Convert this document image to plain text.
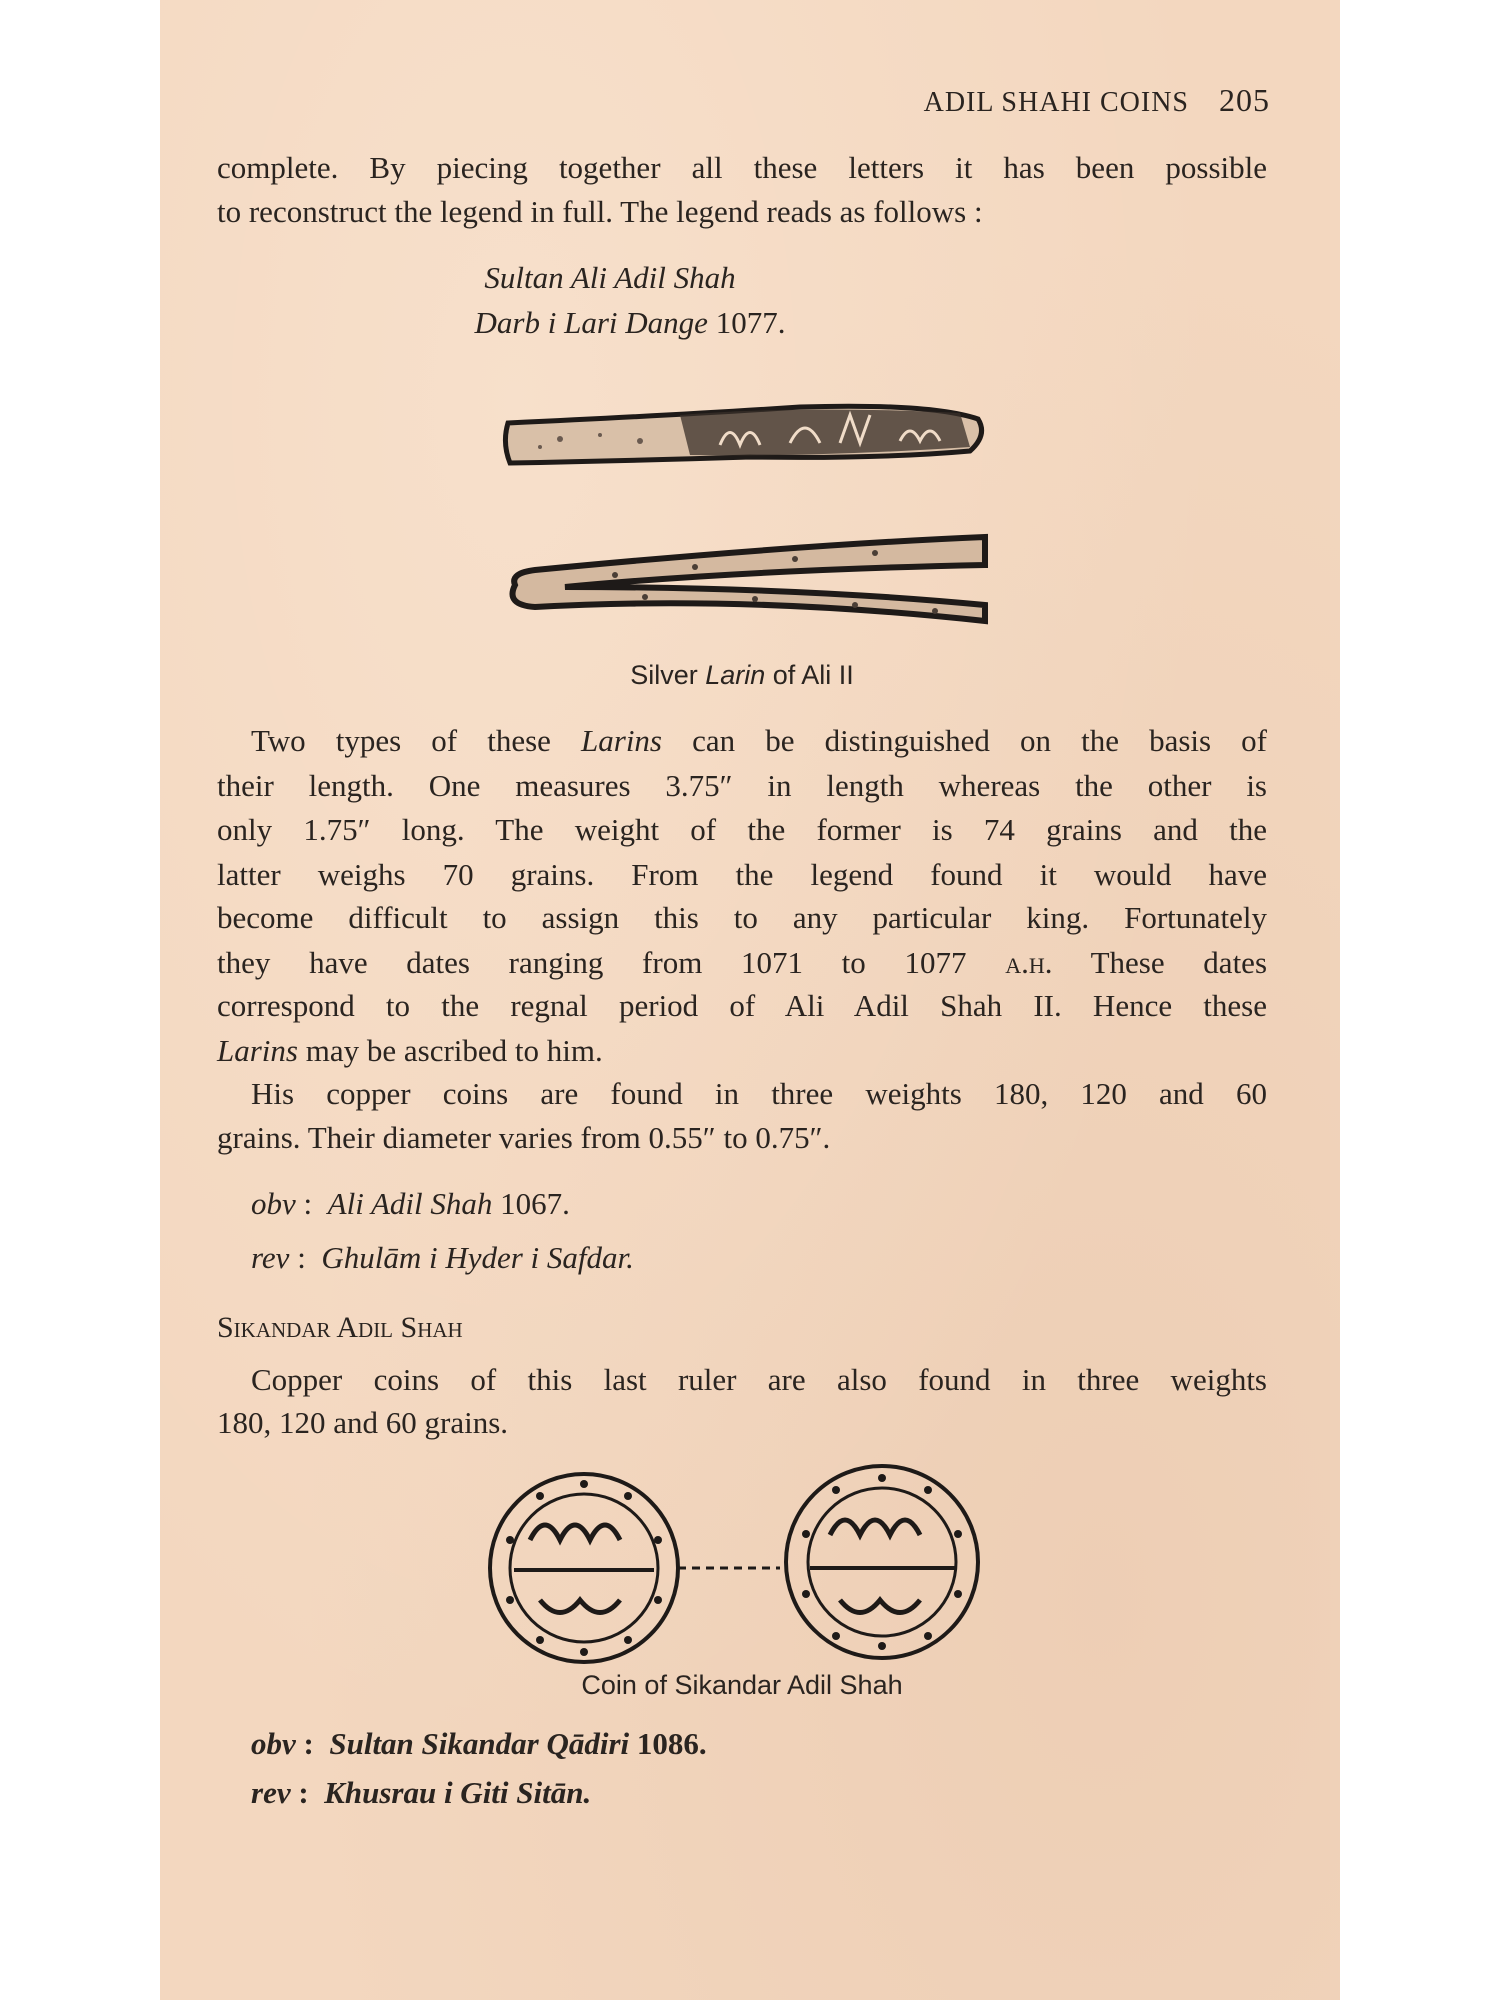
ADIL SHAHI COINS 205
complete. By piecing together all these letters it has been possible
to reconstruct the legend in full. The legend reads as follows :
Sultan Ali Adil Shah
Darb i Lari Dange 1077.
Silver Larin of Ali II
Two types of these Larins can be distinguished on the basis of
their length. One measures 3.75″ in length whereas the other is
only 1.75″ long. The weight of the former is 74 grains and the
latter weighs 70 grains. From the legend found it would have
become difficult to assign this to any particular king. Fortunately
they have dates ranging from 1071 to 1077 a.h. These dates
correspond to the regnal period of Ali Adil Shah II. Hence these
Larins may be ascribed to him.
His copper coins are found in three weights 180, 120 and 60
grains. Their diameter varies from 0.55″ to 0.75″.
obv :  Ali Adil Shah 1067.
rev :  Ghulām i Hyder i Safdar.
Sikandar Adil Shah
Copper coins of this last ruler are also found in three weights
180, 120 and 60 grains.
Coin of Sikandar Adil Shah
obv :  Sultan Sikandar Qādiri 1086.
rev :  Khusrau i Giti Sitān.
